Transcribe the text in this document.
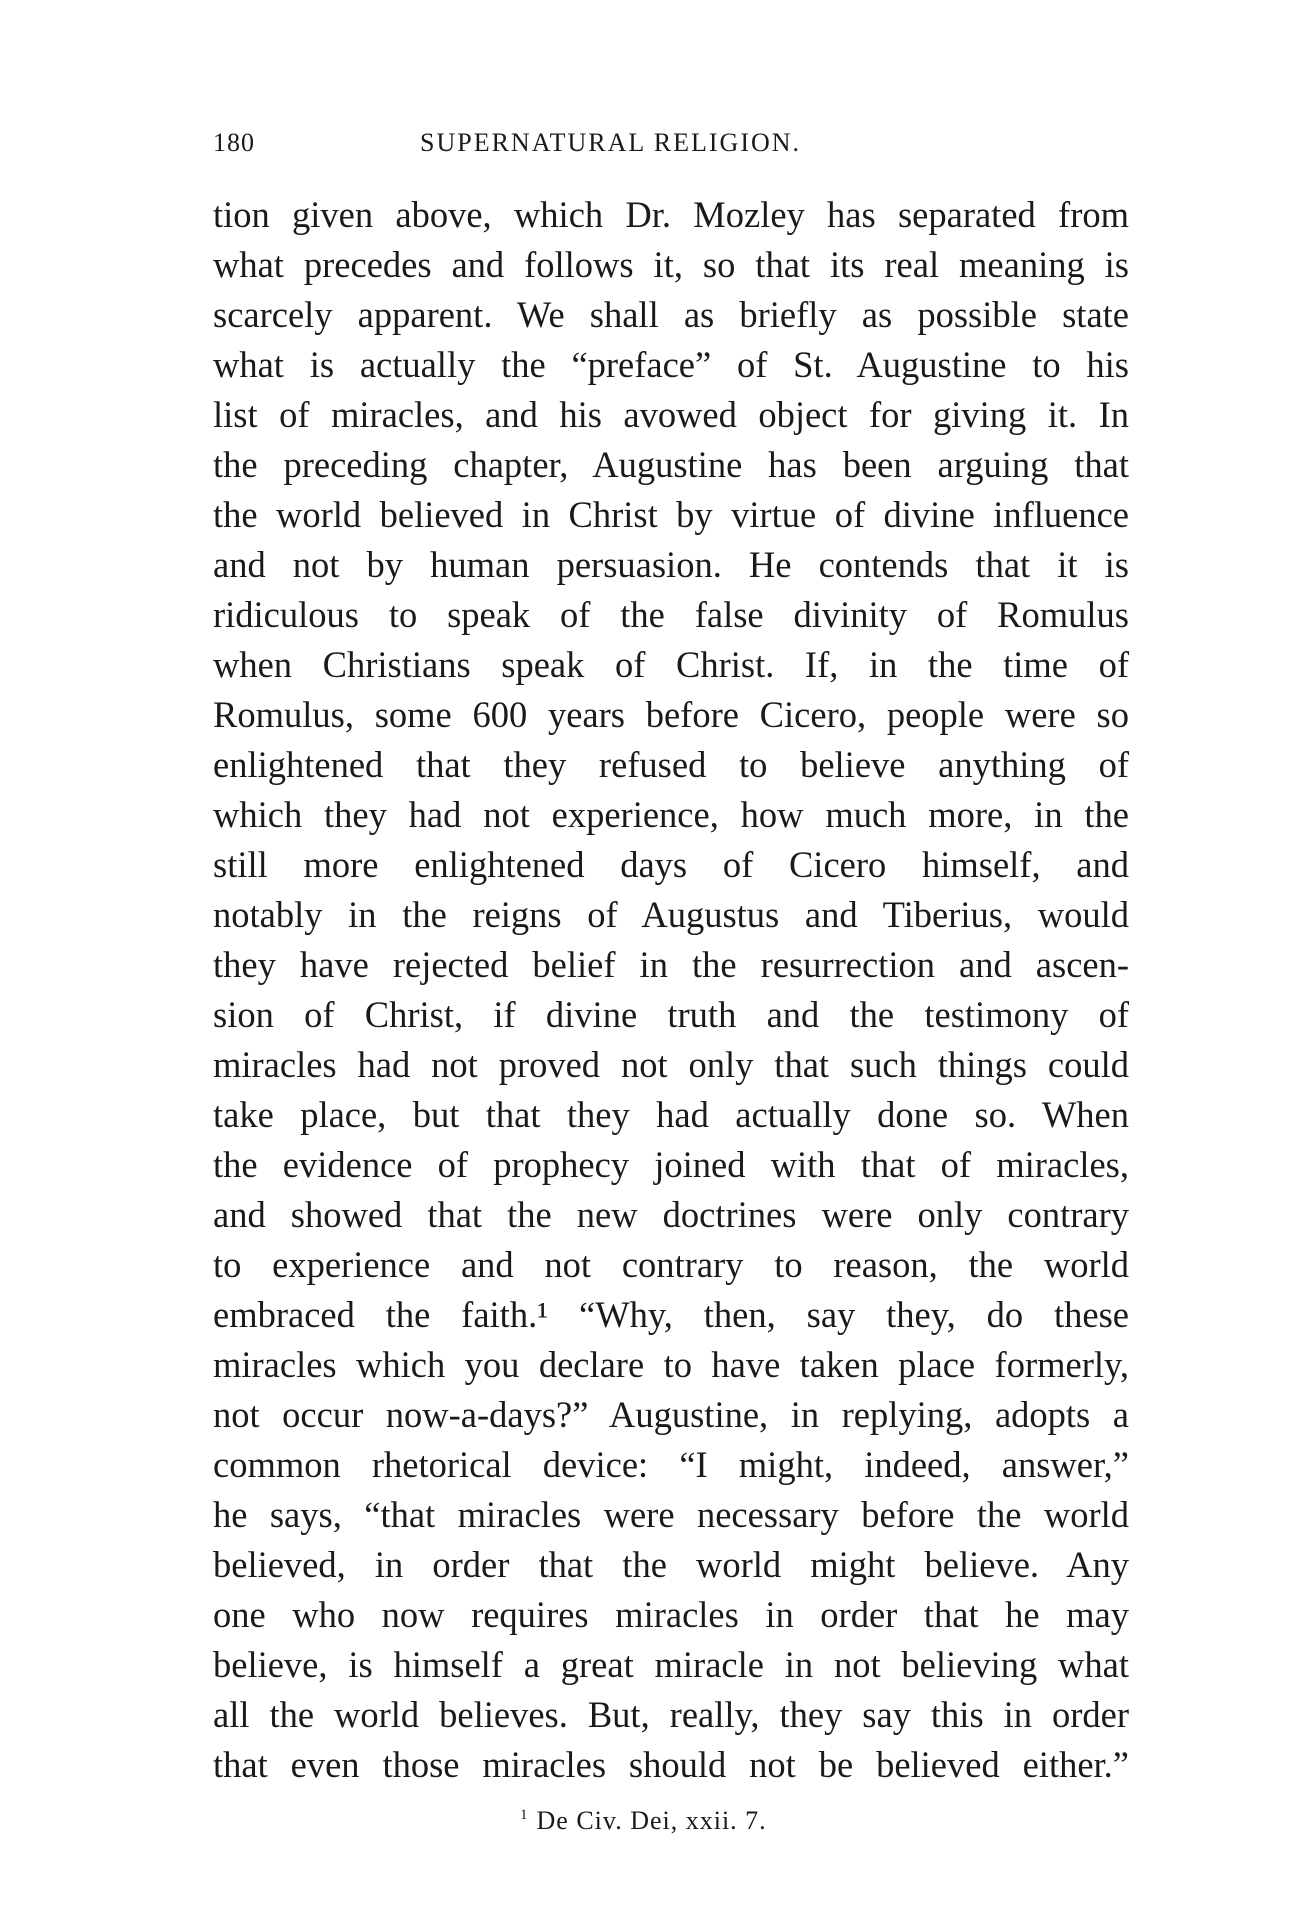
180	SUPERNATURAL RELIGION.
tion given above, which Dr. Mozley has separated from
what precedes and follows it, so that its real meaning is
scarcely apparent. We shall as briefly as possible state
what is actually the “preface” of St. Augustine to his
list of miracles, and his avowed object for giving it. In
the preceding chapter, Augustine has been arguing that
the world believed in Christ by virtue of divine influence
and not by human persuasion. He contends that it is
ridiculous to speak of the false divinity of Romulus
when Christians speak of Christ. If, in the time of
Romulus, some 600 years before Cicero, people were so
enlightened that they refused to believe anything of
which they had not experience, how much more, in the
still more enlightened days of Cicero himself, and
notably in the reigns of Augustus and Tiberius, would
they have rejected belief in the resurrection and ascen-
sion of Christ, if divine truth and the testimony of
miracles had not proved not only that such things could
take place, but that they had actually done so. When
the evidence of prophecy joined with that of miracles,
and showed that the new doctrines were only contrary
to experience and not contrary to reason, the world
embraced the faith.¹ “Why, then, say they, do these
miracles which you declare to have taken place formerly,
not occur now-a-days?” Augustine, in replying, adopts a
common rhetorical device: “I might, indeed, answer,”
he says, “that miracles were necessary before the world
believed, in order that the world might believe. Any
one who now requires miracles in order that he may
believe, is himself a great miracle in not believing what
all the world believes. But, really, they say this in order
that even those miracles should not be believed either.”
$^1$ De Civ. Dei, xxii. 7.
